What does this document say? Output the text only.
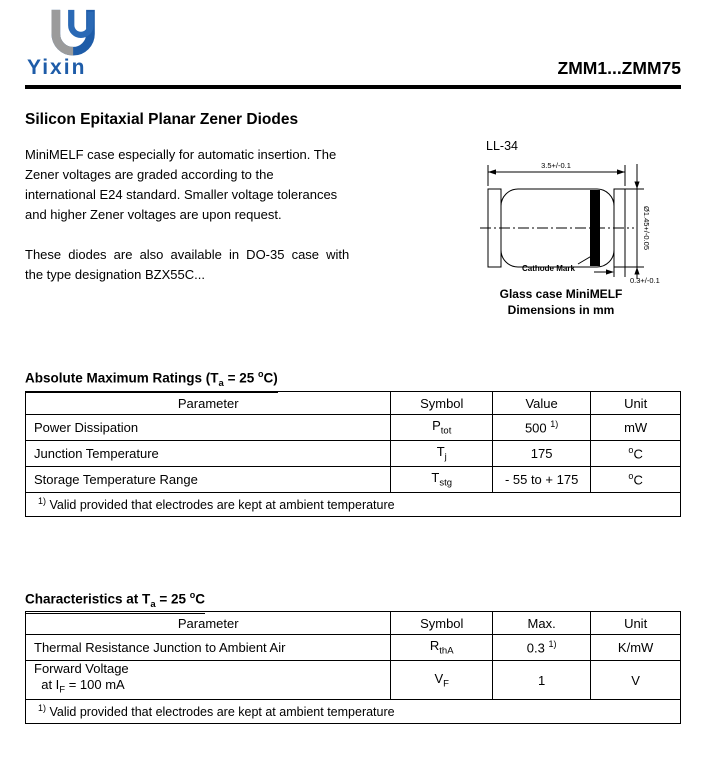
Yixin	ZMM1...ZMM75
Silicon Epitaxial Planar Zener Diodes
MiniMELF case especially for automatic insertion. The
Zener voltages are graded according to the
international E24 standard. Smaller voltage tolerances
and higher Zener voltages are upon request.
These diodes are also available in DO-35 case with
the type designation BZX55C...
LL-34
3.5+/-0.1
Ø1.45+/-0.05
0.3+/-0.1
Cathode Mark
Glass case MiniMELF
Dimensions in mm
Absolute Maximum Ratings ($T_a = 25$ $^o$C)
Parameter	Symbol	Value	Unit
Power Dissipation	$P_{tot}$	500 $^{1)}$	mW
Junction Temperature	$T_j$	175	$^o$C
Storage Temperature Range	$T_{stg}$	- 55 to + 175	$^o$C
$^{1)}$ Valid provided that electrodes are kept at ambient temperature			
Characteristics at $T_a = 25$ $^o$C
Parameter	Symbol	Max.	Unit
Thermal Resistance Junction to Ambient Air	$R_{thA}$	0.3 $^{1)}$	K/mW
Forward Voltage
at $I_F = 100$ mA	$V_F$	1	V
$^{1)}$ Valid provided that electrodes are kept at ambient temperature			
